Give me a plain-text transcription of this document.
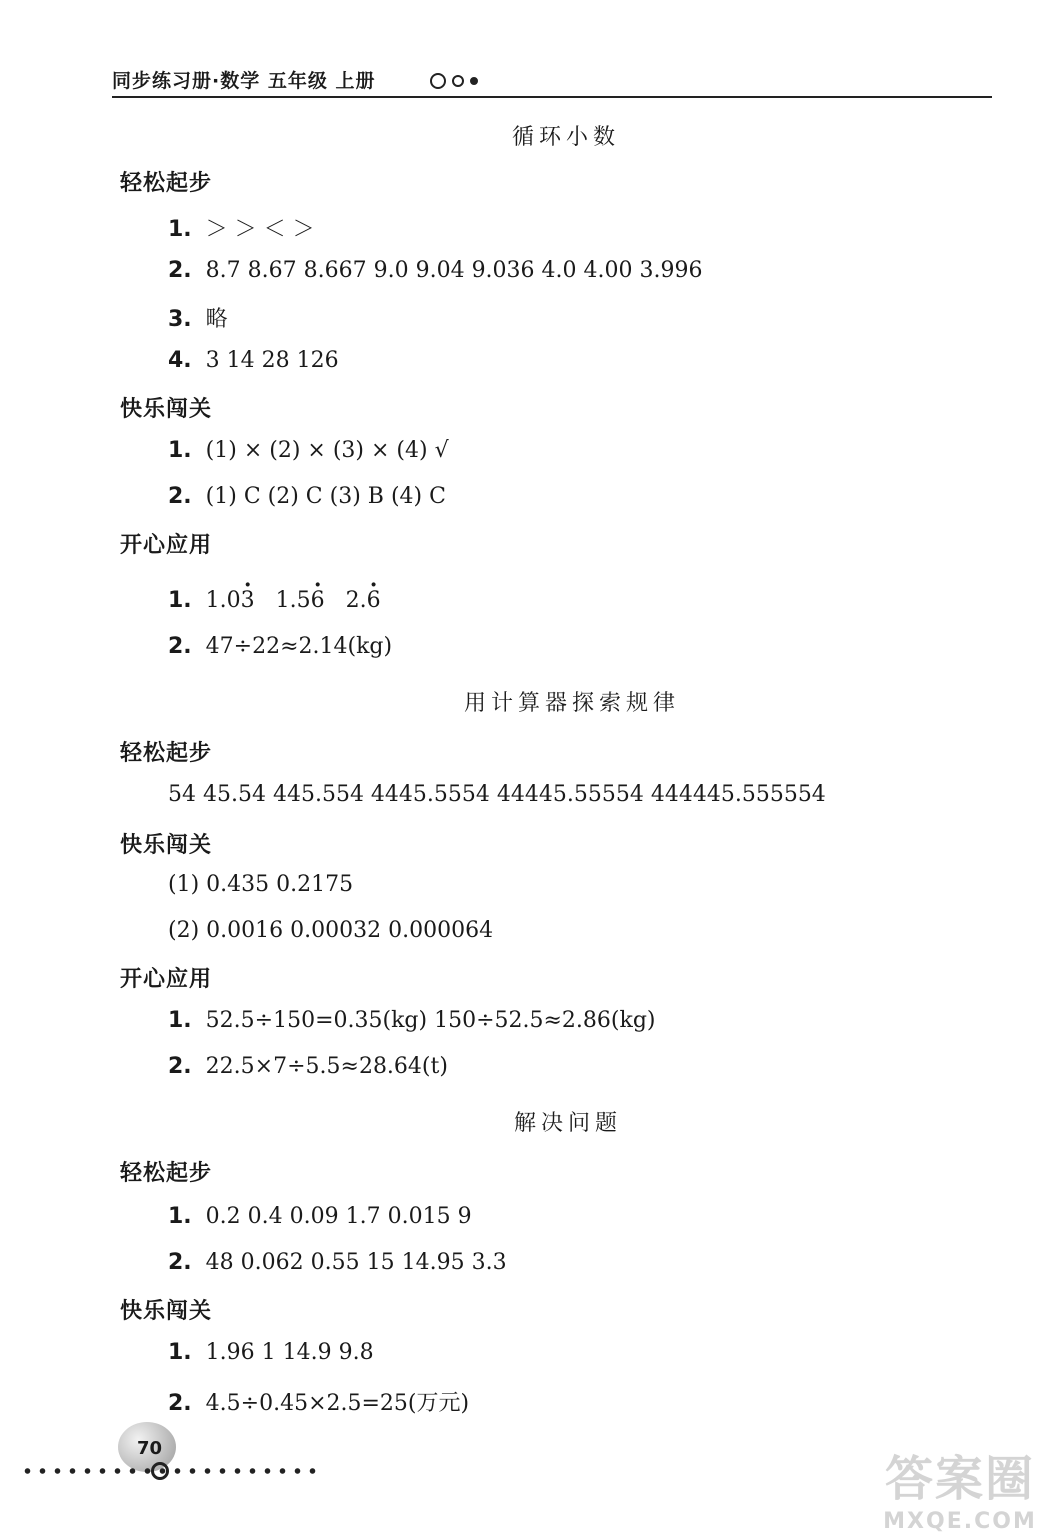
同步练习册·数学 五年级 上册
循环小数
轻松起步
1. ＞ ＞ ＜ ＞
2. 8.7 8.67 8.667 9.0 9.04 9.036 4.0 4.00 3.996
3. 略
4. 3 14 28 126
快乐闯关
1. (1) × (2) × (3) × (4) √
2. (1) C (2) C (3) B (4) C
开心应用
1. 1.0· 3 1.5· 6 2.· 6
2. 47÷22≈2.14(kg)
用计算器探索规律
轻松起步
54 45.54 445.554 4445.5554 44445.55554 444445.555554
快乐闯关
(1) 0.435 0.2175
(2) 0.0016 0.00032 0.000064
开心应用
1. 52.5÷150=0.35(kg) 150÷52.5≈2.86(kg)
2. 22.5×7÷5.5≈28.64(t)
解决问题
轻松起步
1. 0.2 0.4 0.09 1.7 0.015 9
2. 48 0.062 0.55 15 14.95 3.3
快乐闯关
1. 1.96 1 14.9 9.8
2. 4.5÷0.45×2.5=25(万元)
70
答案圈
MXQE.COM
